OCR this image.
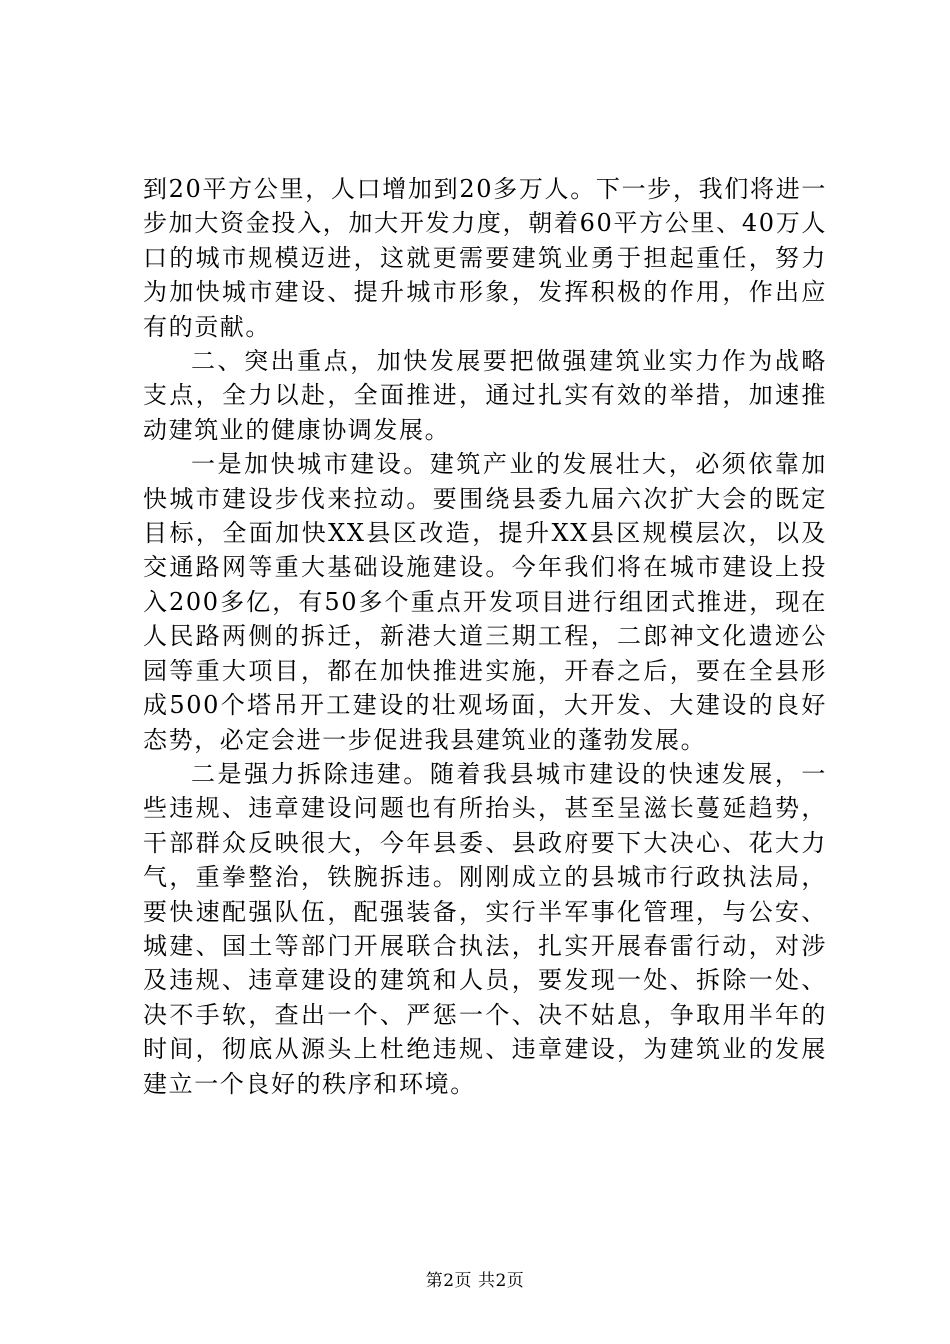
到20平方公里，人口增加到20多万人。下一步，我们将进一步加大资金投入，加大开发力度，朝着60平方公里、40万人口的城市规模迈进，这就更需要建筑业勇于担起重任，努力为加快城市建设、提升城市形象，发挥积极的作用，作出应有的贡献。

二、突出重点，加快发展要把做强建筑业实力作为战略支点，全力以赴，全面推进，通过扎实有效的举措，加速推动建筑业的健康协调发展。

一是加快城市建设。建筑产业的发展壮大，必须依靠加快城市建设步伐来拉动。要围绕县委九届六次扩大会的既定目标，全面加快XX县区改造，提升XX县区规模层次，以及交通路网等重大基础设施建设。今年我们将在城市建设上投入200多亿，有50多个重点开发项目进行组团式推进，现在人民路两侧的拆迁，新港大道三期工程，二郎神文化遗迹公园等重大项目，都在加快推进实施，开春之后，要在全县形成500个塔吊开工建设的壮观场面，大开发、大建设的良好态势，必定会进一步促进我县建筑业的蓬勃发展。

二是强力拆除违建。随着我县城市建设的快速发展，一些违规、违章建设问题也有所抬头，甚至呈滋长蔓延趋势，干部群众反映很大，今年县委、县政府要下大决心、花大力气，重拳整治，铁腕拆违。刚刚成立的县城市行政执法局，要快速配强队伍，配强装备，实行半军事化管理，与公安、城建、国土等部门开展联合执法，扎实开展春雷行动，对涉及违规、违章建设的建筑和人员，要发现一处、拆除一处、决不手软，查出一个、严惩一个、决不姑息，争取用半年的时间，彻底从源头上杜绝违规、违章建设，为建筑业的发展建立一个良好的秩序和环境。

第2页 共2页
